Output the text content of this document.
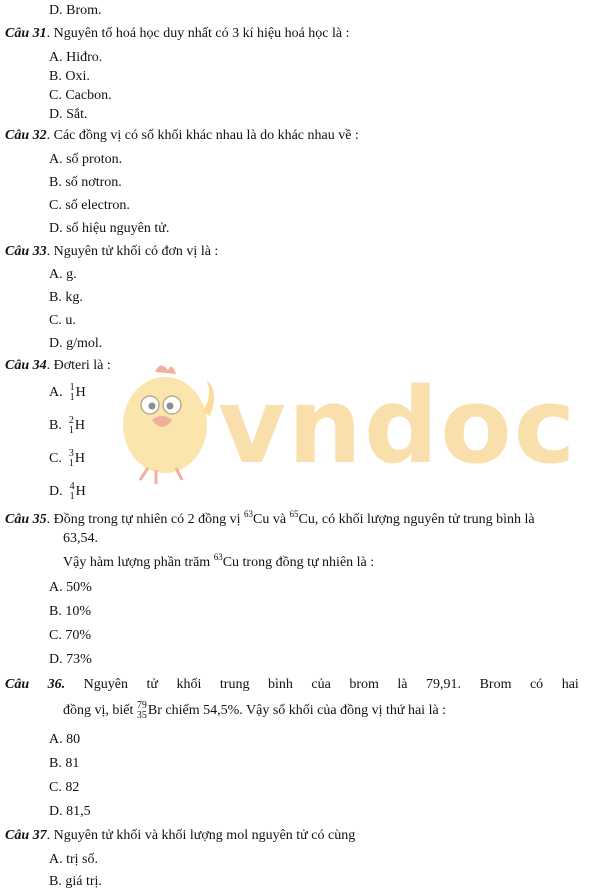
D. Brom.
Câu 31. Nguyên tố hoá học duy nhất có 3 kí hiệu hoá học là :
A. Hiđro.
B. Oxi.
C. Cacbon.
D. Sắt.
Câu 32. Các đồng vị có số khối khác nhau là do khác nhau về :
A. số proton.
B. số nơtron.
C. số electron.
D. số hiệu nguyên tử.
Câu 33. Nguyên tử khối có đơn vị là :
A. g.
B. kg.
C. u.
D. g/mol.
Câu 34. Đơteri là : vndoc
A. 1
1 H
B. 2
1 H
C. 3
1 H
D. 4
1 H
Câu 35. Đồng trong tự nhiên có 2 đồng vị $^{63}$Cu và $^{65}$Cu, có khối lượng nguyên tử trung bình là
63,54.
Vậy hàm lượng phần trăm $^{63}$Cu trong đồng tự nhiên là :
A. 50%
B. 10%
C. 70%
D. 73%
Câu 36. Nguyên tử khối trung bình của brom là 79,91. Brom có hai
đồng vị, biết 79
35 Br chiếm 54,5%. Vậy số khối của đồng vị thứ hai là :
A. 80
B. 81
C. 82
D. 81,5
Câu 37. Nguyên tử khối và khối lượng mol nguyên tử có cùng
A. trị số.
B. giá trị.
